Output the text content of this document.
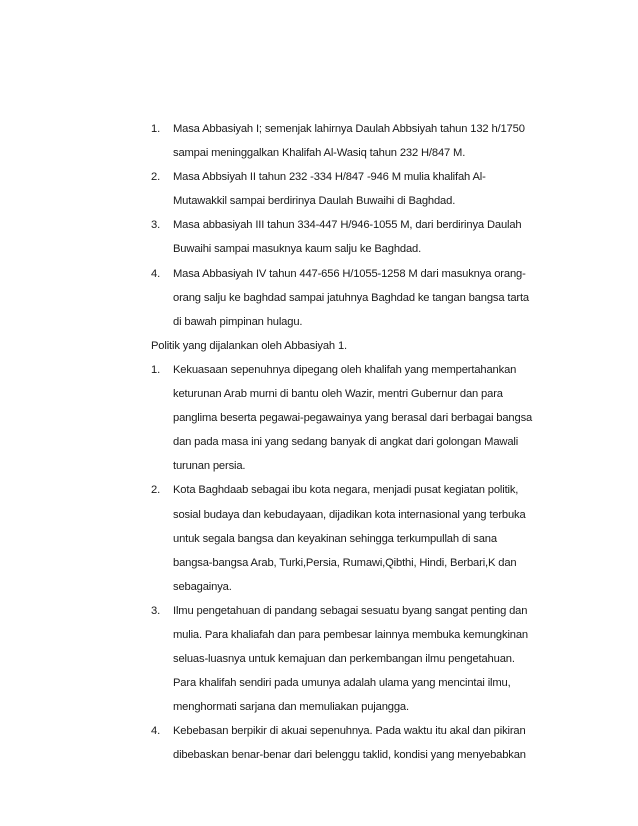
1.	Masa Abbasiyah I; semenjak lahirnya Daulah Abbsiyah tahun 132 h/1750
sampai meninggalkan Khalifah Al-Wasiq tahun 232 H/847 M.
2.	Masa Abbsiyah II tahun 232 -334 H/847 -946 M mulia khalifah Al-
Mutawakkil sampai berdirinya Daulah Buwaihi di Baghdad.
3.	Masa abbasiyah III tahun 334-447 H/946-1055 M, dari berdirinya Daulah
Buwaihi sampai masuknya kaum salju ke Baghdad.
4.	Masa Abbasiyah IV tahun 447-656 H/1055-1258 M dari masuknya orang-
orang salju ke baghdad sampai jatuhnya Baghdad ke tangan bangsa tarta
di bawah pimpinan hulagu.
Politik yang dijalankan oleh Abbasiyah 1.
1.	Kekuasaan sepenuhnya dipegang oleh khalifah yang mempertahankan
keturunan Arab murni di bantu oleh Wazir, mentri Gubernur dan para
panglima beserta pegawai-pegawainya yang berasal dari berbagai bangsa
dan pada masa ini yang sedang banyak di angkat dari golongan Mawali
turunan persia.
2.	Kota Baghdaab sebagai ibu kota negara, menjadi pusat kegiatan politik,
sosial budaya dan kebudayaan, dijadikan kota internasional yang terbuka
untuk segala bangsa dan keyakinan sehingga terkumpullah di sana
bangsa-bangsa Arab, Turki,Persia, Rumawi,Qibthi, Hindi, Berbari,K dan
sebagainya.
3.	Ilmu pengetahuan di pandang sebagai sesuatu byang sangat penting dan
mulia. Para khaliafah dan para pembesar lainnya membuka kemungkinan
seluas-luasnya untuk kemajuan dan perkembangan ilmu pengetahuan.
Para khalifah sendiri pada umunya adalah ulama yang mencintai ilmu,
menghormati sarjana dan memuliakan pujangga.
4.	Kebebasan berpikir di akuai sepenuhnya. Pada waktu itu akal dan pikiran
dibebaskan benar-benar dari belenggu taklid, kondisi yang menyebabkan
